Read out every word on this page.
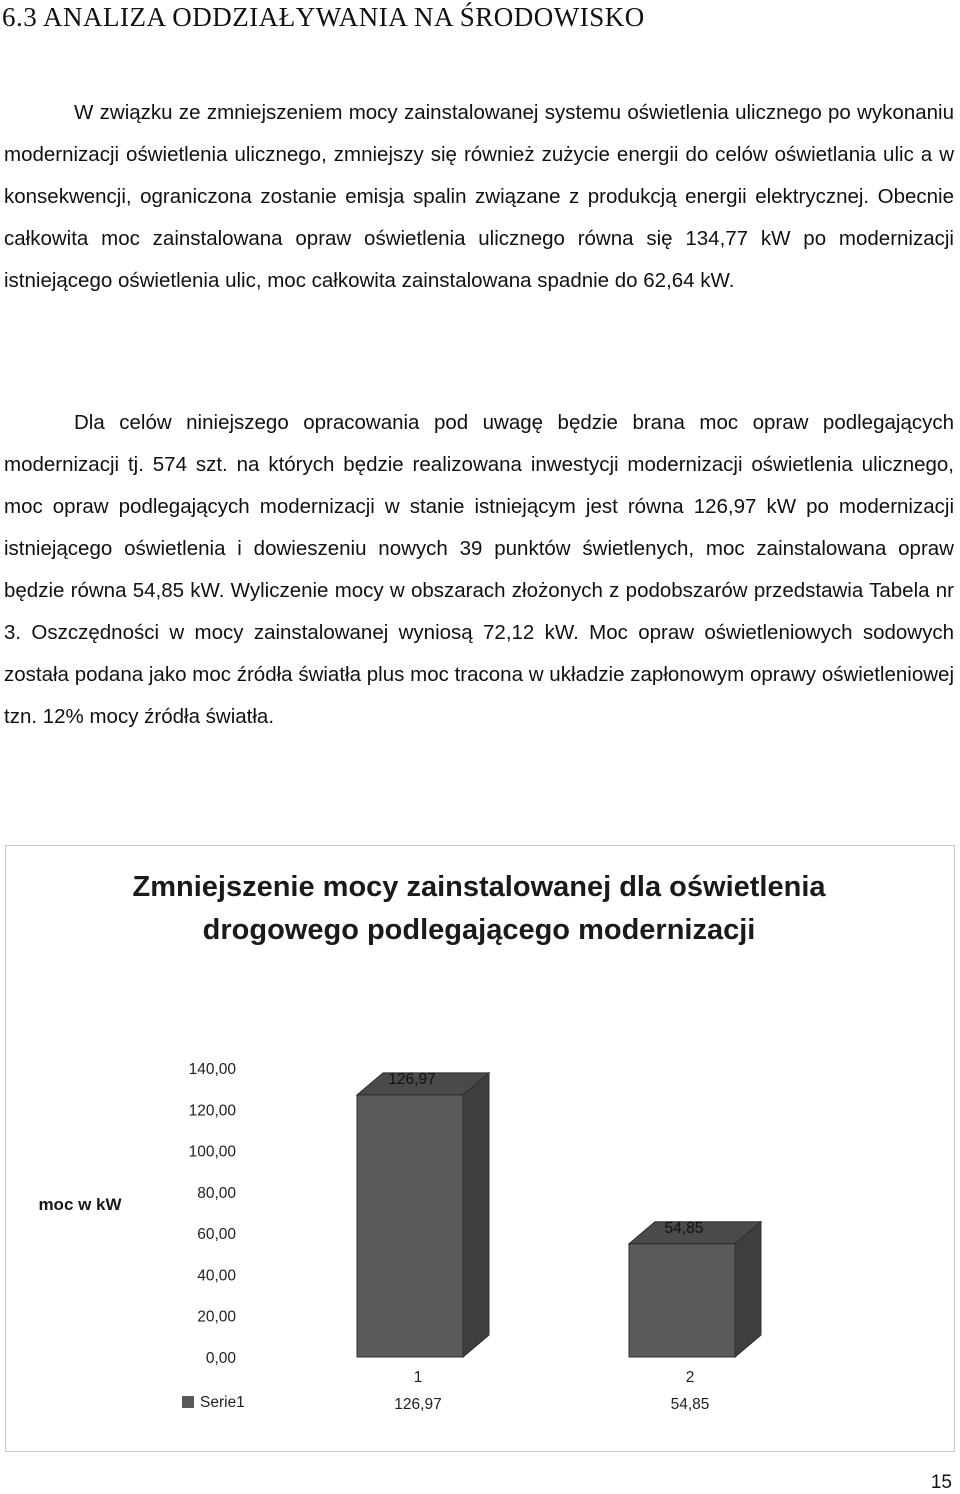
6.3 ANALIZA ODDZIAŁYWANIA NA ŚRODOWISKO

W związku ze zmniejszeniem mocy zainstalowanej systemu oświetlenia ulicznego po wykonaniu modernizacji oświetlenia ulicznego, zmniejszy się również zużycie energii do celów oświetlania ulic a w konsekwencji, ograniczona zostanie emisja spalin związane z produkcją energii elektrycznej. Obecnie całkowita moc zainstalowana opraw oświetlenia ulicznego równa się 134,77 kW po modernizacji istniejącego oświetlenia ulic, moc całkowita zainstalowana spadnie do 62,64 kW.

Dla celów niniejszego opracowania pod uwagę będzie brana moc opraw podlegających modernizacji tj. 574 szt. na których będzie realizowana inwestycji modernizacji oświetlenia ulicznego, moc opraw podlegających modernizacji w stanie istniejącym jest równa 126,97 kW po modernizacji istniejącego oświetlenia i dowieszeniu nowych 39 punktów świetlenych, moc zainstalowana opraw będzie równa 54,85 kW. Wyliczenie mocy w obszarach złożonych z podobszarów przedstawia Tabela nr 3. Oszczędności w mocy zainstalowanej wyniosą 72,12 kW. Moc opraw oświetleniowych sodowych została podana jako moc źródła światła plus moc tracona w układzie zapłonowym oprawy oświetleniowej tzn. 12% mocy źródła światła.

Zmniejszenie mocy zainstalowanej dla oświetlenia
drogowego podlegającego modernizacji
moc w kW
0,00
20,00
40,00
60,00
80,00
100,00
120,00
140,00
126,97
1
126,97
54,85
2
54,85
Serie1
15
